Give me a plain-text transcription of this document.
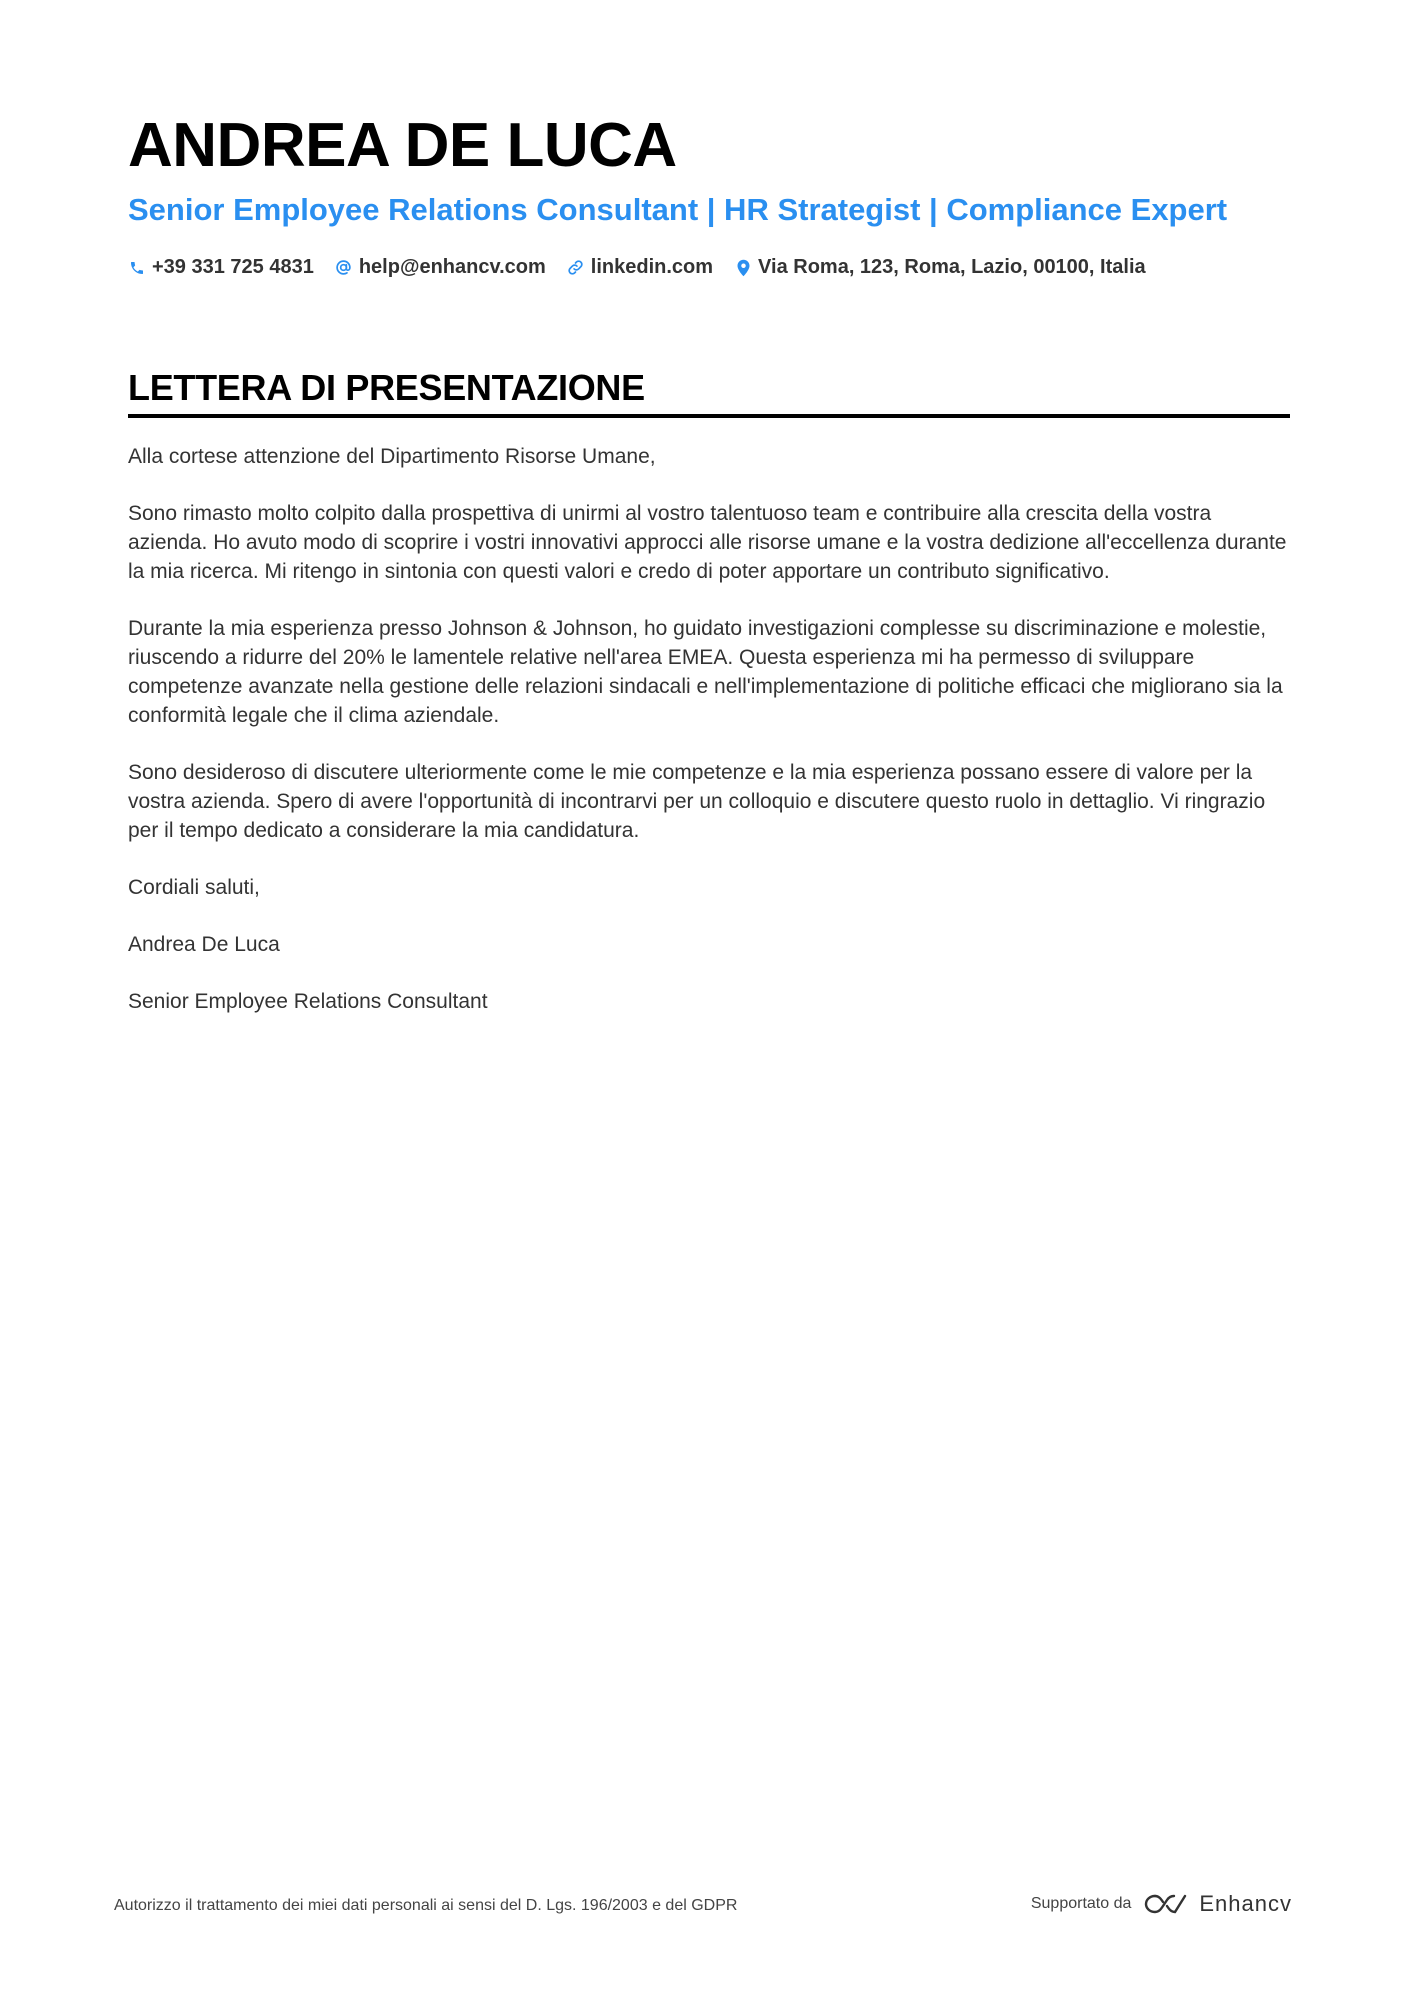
ANDREA DE LUCA
Senior Employee Relations Consultant | HR Strategist | Compliance Expert
+39 331 725 4831 help@enhancv.com linkedin.com Via Roma, 123, Roma, Lazio, 00100, Italia
LETTERA DI PRESENTAZIONE

Alla cortese attenzione del Dipartimento Risorse Umane,

Sono rimasto molto colpito dalla prospettiva di unirmi al vostro talentuoso team e contribuire alla crescita della vostra azienda. Ho avuto modo di scoprire i vostri innovativi approcci alle risorse umane e la vostra dedizione all'eccellenza durante la mia ricerca. Mi ritengo in sintonia con questi valori e credo di poter apportare un contributo significativo.

Durante la mia esperienza presso Johnson & Johnson, ho guidato investigazioni complesse su discriminazione e molestie, riuscendo a ridurre del 20% le lamentele relative nell'area EMEA. Questa esperienza mi ha permesso di sviluppare competenze avanzate nella gestione delle relazioni sindacali e nell'implementazione di politiche efficaci che migliorano sia la conformità legale che il clima aziendale.

Sono desideroso di discutere ulteriormente come le mie competenze e la mia esperienza possano essere di valore per la vostra azienda. Spero di avere l'opportunità di incontrarvi per un colloquio e discutere questo ruolo in dettaglio. Vi ringrazio per il tempo dedicato a considerare la mia candidatura.

Cordiali saluti,

Andrea De Luca

Senior Employee Relations Consultant

Autorizzo il trattamento dei miei dati personali ai sensi del D. Lgs. 196/2003 e del GDPR	Supportato da	Enhancv
